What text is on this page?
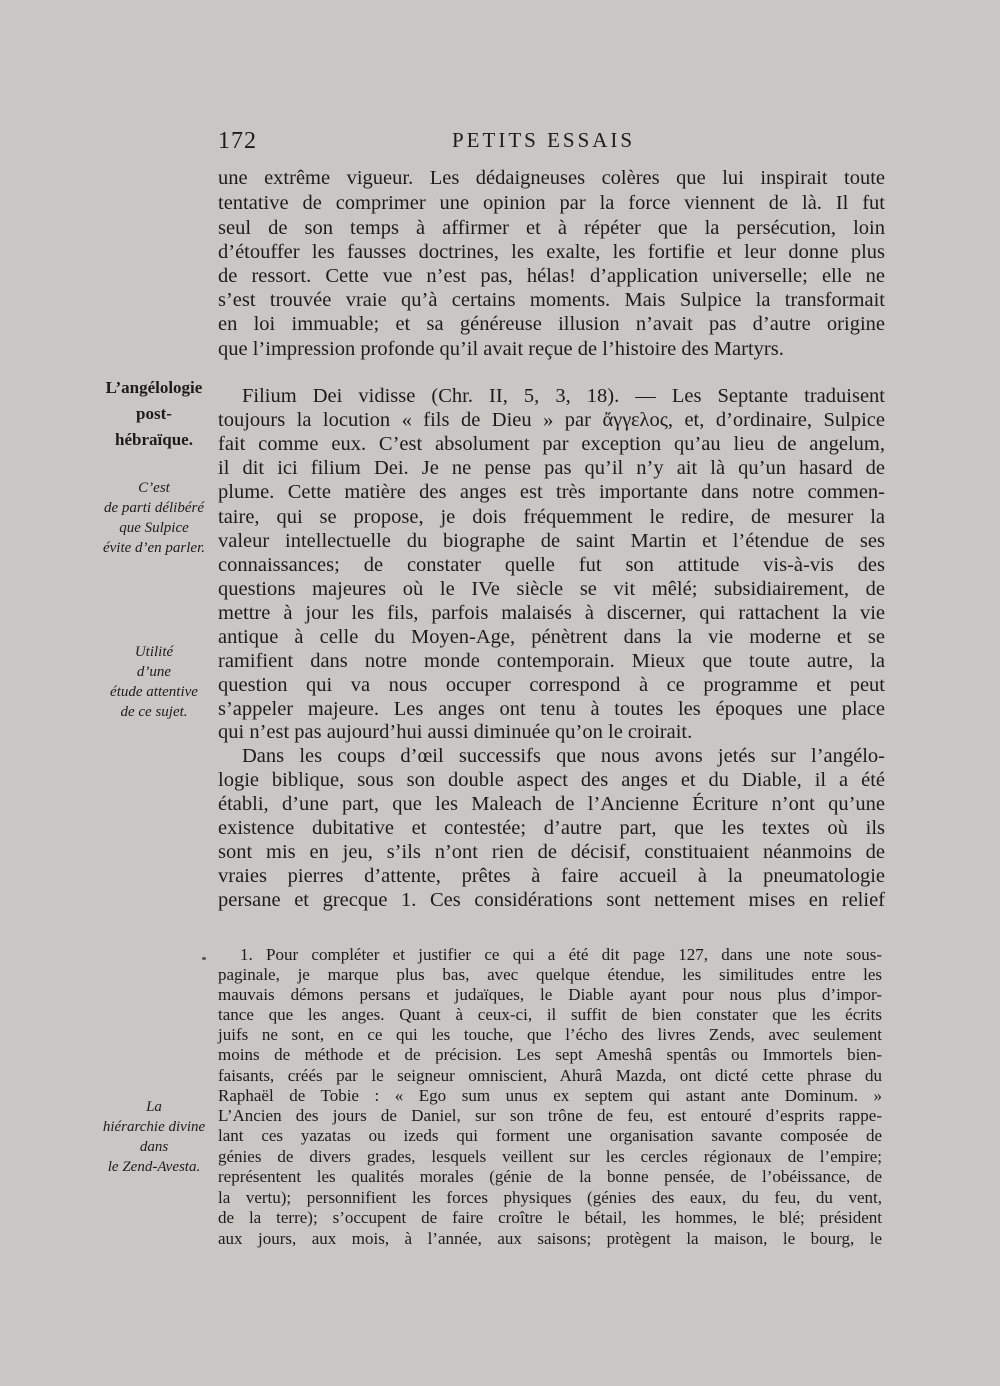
172	PETITS ESSAIS
L’angélologie
post-
hébraïque.
C’est
de parti délibéré
que Sulpice
évite d’en parler.
Utilité
d’une
étude attentive
de ce sujet.
La
hiérarchie divine
dans
le Zend-Avesta.
une extrême vigueur. Les dédaigneuses colères que lui inspirait toute
tentative de comprimer une opinion par la force viennent de là. Il fut
seul de son temps à affirmer et à répéter que la persécution, loin
d’étouffer les fausses doctrines, les exalte, les fortifie et leur donne plus
de ressort. Cette vue n’est pas, hélas! d’application universelle; elle ne
s’est trouvée vraie qu’à certains moments. Mais Sulpice la transformait
en loi immuable; et sa généreuse illusion n’avait pas d’autre origine
que l’impression profonde qu’il avait reçue de l’histoire des Martyrs.
Filium Dei vidisse (Chr. II, 5, 3, 18). — Les Septante traduisent
toujours la locution « fils de Dieu » par ἄγγελος, et, d’ordinaire, Sulpice
fait comme eux. C’est absolument par exception qu’au lieu de angelum,
il dit ici filium Dei. Je ne pense pas qu’il n’y ait là qu’un hasard de
plume. Cette matière des anges est très importante dans notre commen-
taire, qui se propose, je dois fréquemment le redire, de mesurer la
valeur intellectuelle du biographe de saint Martin et l’étendue de ses
connaissances; de constater quelle fut son attitude vis-à-vis des
questions majeures où le IVe siècle se vit mêlé; subsidiairement, de
mettre à jour les fils, parfois malaisés à discerner, qui rattachent la vie
antique à celle du Moyen-Age, pénètrent dans la vie moderne et se
ramifient dans notre monde contemporain. Mieux que toute autre, la
question qui va nous occuper correspond à ce programme et peut
s’appeler majeure. Les anges ont tenu à toutes les époques une place
qui n’est pas aujourd’hui aussi diminuée qu’on le croirait.
Dans les coups d’œil successifs que nous avons jetés sur l’angélo-
logie biblique, sous son double aspect des anges et du Diable, il a été
établi, d’une part, que les Maleach de l’Ancienne Écriture n’ont qu’une
existence dubitative et contestée; d’autre part, que les textes où ils
sont mis en jeu, s’ils n’ont rien de décisif, constituaient néanmoins de
vraies pierres d’attente, prêtes à faire accueil à la pneumatologie
persane et grecque 1. Ces considérations sont nettement mises en relief
1. Pour compléter et justifier ce qui a été dit page 127, dans une note sous-
paginale, je marque plus bas, avec quelque étendue, les similitudes entre les
mauvais démons persans et judaïques, le Diable ayant pour nous plus d’impor-
tance que les anges. Quant à ceux-ci, il suffit de bien constater que les écrits
juifs ne sont, en ce qui les touche, que l’écho des livres Zends, avec seulement
moins de méthode et de précision. Les sept Ameshâ spentâs ou Immortels bien-
faisants, créés par le seigneur omniscient, Ahurâ Mazda, ont dicté cette phrase du
Raphaël de Tobie : « Ego sum unus ex septem qui astant ante Dominum. »
L’Ancien des jours de Daniel, sur son trône de feu, est entouré d’esprits rappe-
lant ces yazatas ou izeds qui forment une organisation savante composée de
génies de divers grades, lesquels veillent sur les cercles régionaux de l’empire;
représentent les qualités morales (génie de la bonne pensée, de l’obéissance, de
la vertu); personnifient les forces physiques (génies des eaux, du feu, du vent,
de la terre); s’occupent de faire croître le bétail, les hommes, le blé; président
aux jours, aux mois, à l’année, aux saisons; protègent la maison, le bourg, le
